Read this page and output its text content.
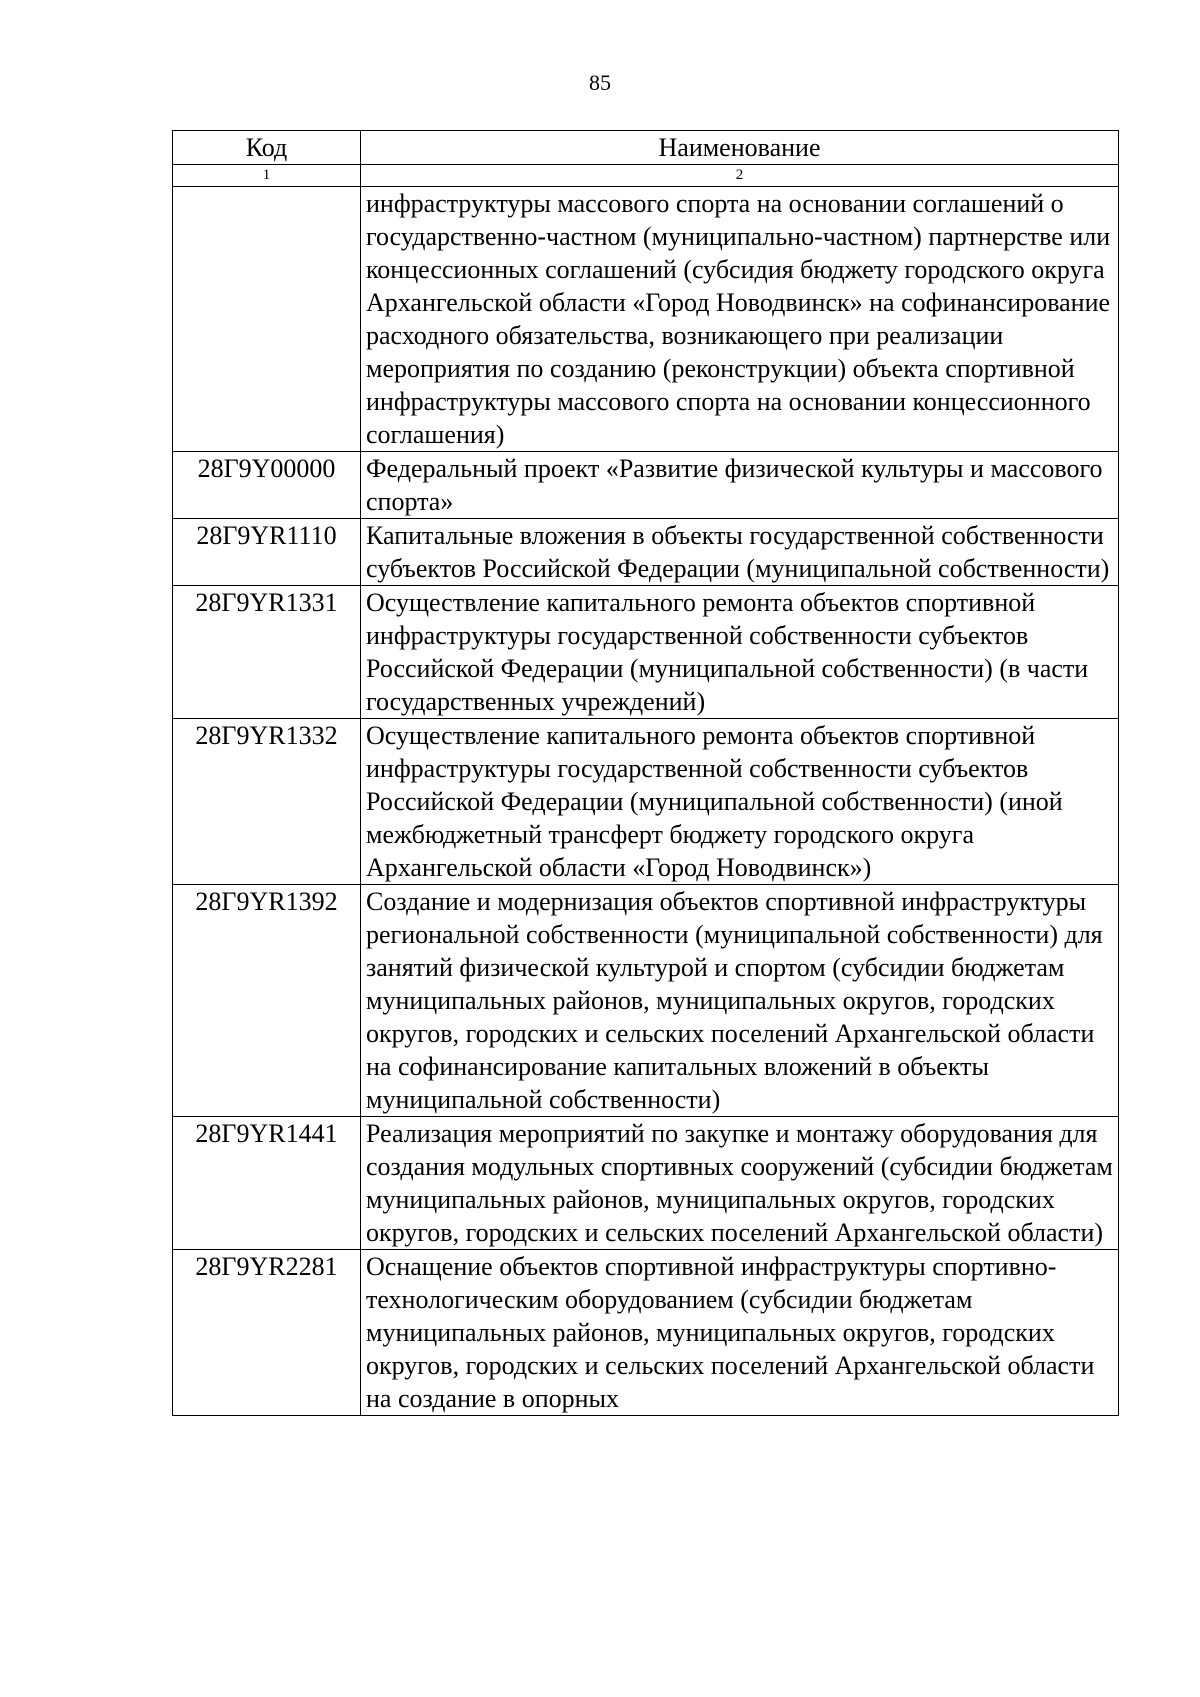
85
Код	Наименование
1	2
	инфраструктуры массового спорта на основании соглашений о государственно-частном (муниципально-частном) партнерстве или концессионных соглашений (субсидия бюджету городского округа Архангельской области «Город Новодвинск» на софинансирование расходного обязательства, возникающего при реализации мероприятия по созданию (реконструкции) объекта спортивной инфраструктуры массового спорта на основании концессионного соглашения)
28Г9Y00000	Федеральный проект «Развитие физической культуры и массового спорта»
28Г9YR1110	Капитальные вложения в объекты государственной собственности субъектов Российской Федерации (муниципальной собственности)
28Г9YR1331	Осуществление капитального ремонта объектов спортивной инфраструктуры государственной собственности субъектов Российской Федерации (муниципальной собственности) (в части государственных учреждений)
28Г9YR1332	Осуществление капитального ремонта объектов спортивной инфраструктуры государственной собственности субъектов Российской Федерации (муниципальной собственности) (иной межбюджетный трансферт бюджету городского округа Архангельской области «Город Новодвинск»)
28Г9YR1392	Создание и модернизация объектов спортивной инфраструктуры региональной собственности (муниципальной собственности) для занятий физической культурой и спортом (субсидии бюджетам муниципальных районов, муниципальных округов, городских округов, городских и сельских поселений Архангельской области на софинансирование капитальных вложений в объекты муниципальной собственности)
28Г9YR1441	Реализация мероприятий по закупке и монтажу оборудования для создания модульных спортивных сооружений (субсидии бюджетам муниципальных районов, муниципальных округов, городских округов, городских и сельских поселений Архангельской области)
28Г9YR2281	Оснащение объектов спортивной инфраструктуры спортивно-технологическим оборудованием (субсидии бюджетам муниципальных районов, муниципальных округов, городских округов, городских и сельских поселений Архангельской области на создание в опорных
